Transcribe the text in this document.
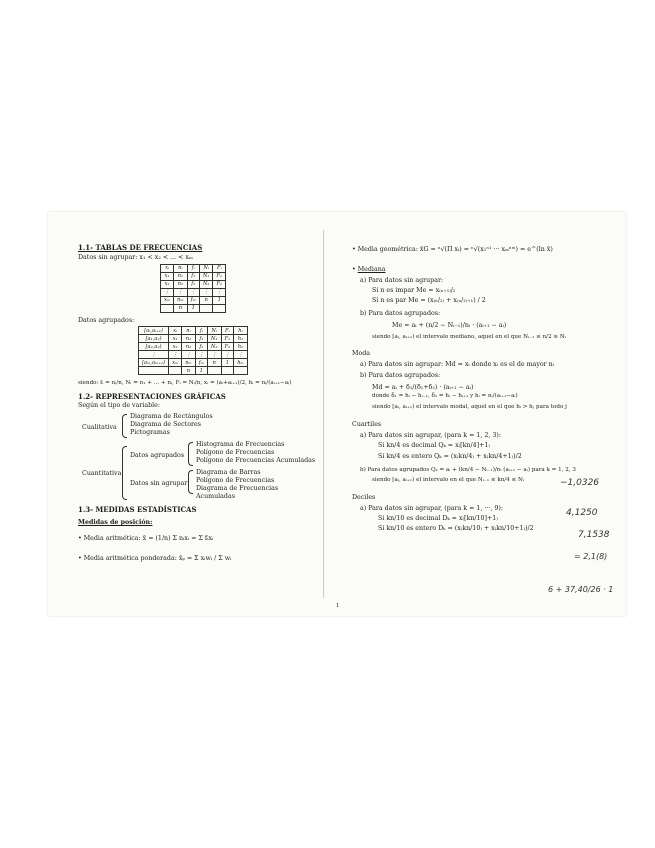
1.1- TABLAS DE FRECUENCIAS

Datos sin agrupar: x₁ < x₂ < ... < xₘ
xᵢ	nᵢ	fᵢ	Nᵢ	Fᵢ
x₁	n₁	f₁	N₁	F₁
x₂	n₂	f₂	N₂	F₂
⋮	⋮	⋮	⋮	⋮
xₘ	nₘ	fₘ	n	1
	n	1		
Datos agrupados:
[aᵢ,aᵢ₊₁)	xᵢ	nᵢ	fᵢ	Nᵢ	Fᵢ	hᵢ
[a₁,a₂)	x₁	n₁	f₁	N₁	F₁	h₁
[a₂,a₃)	x₂	n₂	f₂	N₂	F₂	h₂
⋮	⋮	⋮	⋮	⋮	⋮	⋮
[aₘ,aₘ₊₁)	xₘ	nₘ	fₘ	n	1	hₘ
		n	1			
siendo: fᵢ = nᵢ/n, Nᵢ = n₁ + ... + nᵢ, Fᵢ = Nᵢ/n, xᵢ = (aᵢ+aᵢ₊₁)/2, hᵢ = nᵢ/(aᵢ₊₁−aᵢ)

1.2- REPRESENTACIONES GRÁFICAS

Según el tipo de variable:
Cualitativa
Diagrama de Rectángulos
Diagrama de Sectores
Pictogramas
Cuantitativa
Datos agrupados
Histograma de Frecuencias
Polígono de Frecuencias
Polígono de Frecuencias Acumuladas
Datos sin agrupar
Diagrama de Barras
Polígono de Frecuencias
Diagrama de Frecuencias Acumuladas

1.3- MEDIDAS ESTADÍSTICAS

Medidas de posición:
• Media aritmética: x̄ = (1/n) Σ nᵢxᵢ = Σ fᵢxᵢ
• Media aritmética ponderada: x̄ₚ = Σ xᵢwᵢ / Σ wᵢ
• Media geométrica: x̄G = ⁿ√(Π xᵢ) = ⁿ√(x₁ⁿ¹ ··· xₘⁿᵐ) = e^(ln x̄)
• Mediana
a) Para datos sin agrupar:
Si n es impar Me = x₍ₙ₊₁₎/₂
Si n es par Me = (x₍ₙ/₂₎ + x₍ₙ/₂₎₊₁) / 2
b) Para datos agrupados:
Me = aᵢ + (n/2 − Nᵢ₋₁)/nᵢ · (aᵢ₊₁ − aᵢ)
siendo [aᵢ, aᵢ₊₁) el intervalo mediano, aquel en el que Nᵢ₋₁ ≤ n/2 ≤ Nᵢ
Moda
a) Para datos sin agrupar: Md = xᵢ donde xᵢ es el de mayor nᵢ
b) Para datos agrupados:
Md = aᵢ + δ₁/(δ₁+δ₂) · (aᵢ₊₁ − aᵢ)
donde δ₁ = hᵢ − hᵢ₋₁, δ₂ = hᵢ − hᵢ₊₁ y hᵢ = nᵢ/(aᵢ₊₁−aᵢ)
siendo [aᵢ, aᵢ₊₁) el intervalo modal, aquel en el que hᵢ > hⱼ para todo j
Cuartiles
a) Para datos sin agrupar, (para k = 1, 2, 3):
Si kn/4 es decimal Qₖ = x₍[kn/4]+1₎
Si kn/4 es entero Qₖ = (x₍kn/4₎ + x₍kn/4+1₎)/2
b) Para datos agrupados Qₖ = aᵢ + (kn/4 − Nᵢ₋₁)/nᵢ (aᵢ₊₁ − aᵢ) para k = 1, 2, 3
siendo [aᵢ, aᵢ₊₁) el intervalo en el que Nᵢ₋₁ ≤ kn/4 ≤ Nᵢ
Deciles
a) Para datos sin agrupar, (para k = 1, ···, 9):
Si kn/10 es decimal Dₖ = x₍[kn/10]+1₎
Si kn/10 es entero Dₖ = (x₍kn/10₎ + x₍kn/10+1₎)/2
1
−1,0326
4,1250
7,1538
= 2,1(8)
6 + 37,40/26 · 1
